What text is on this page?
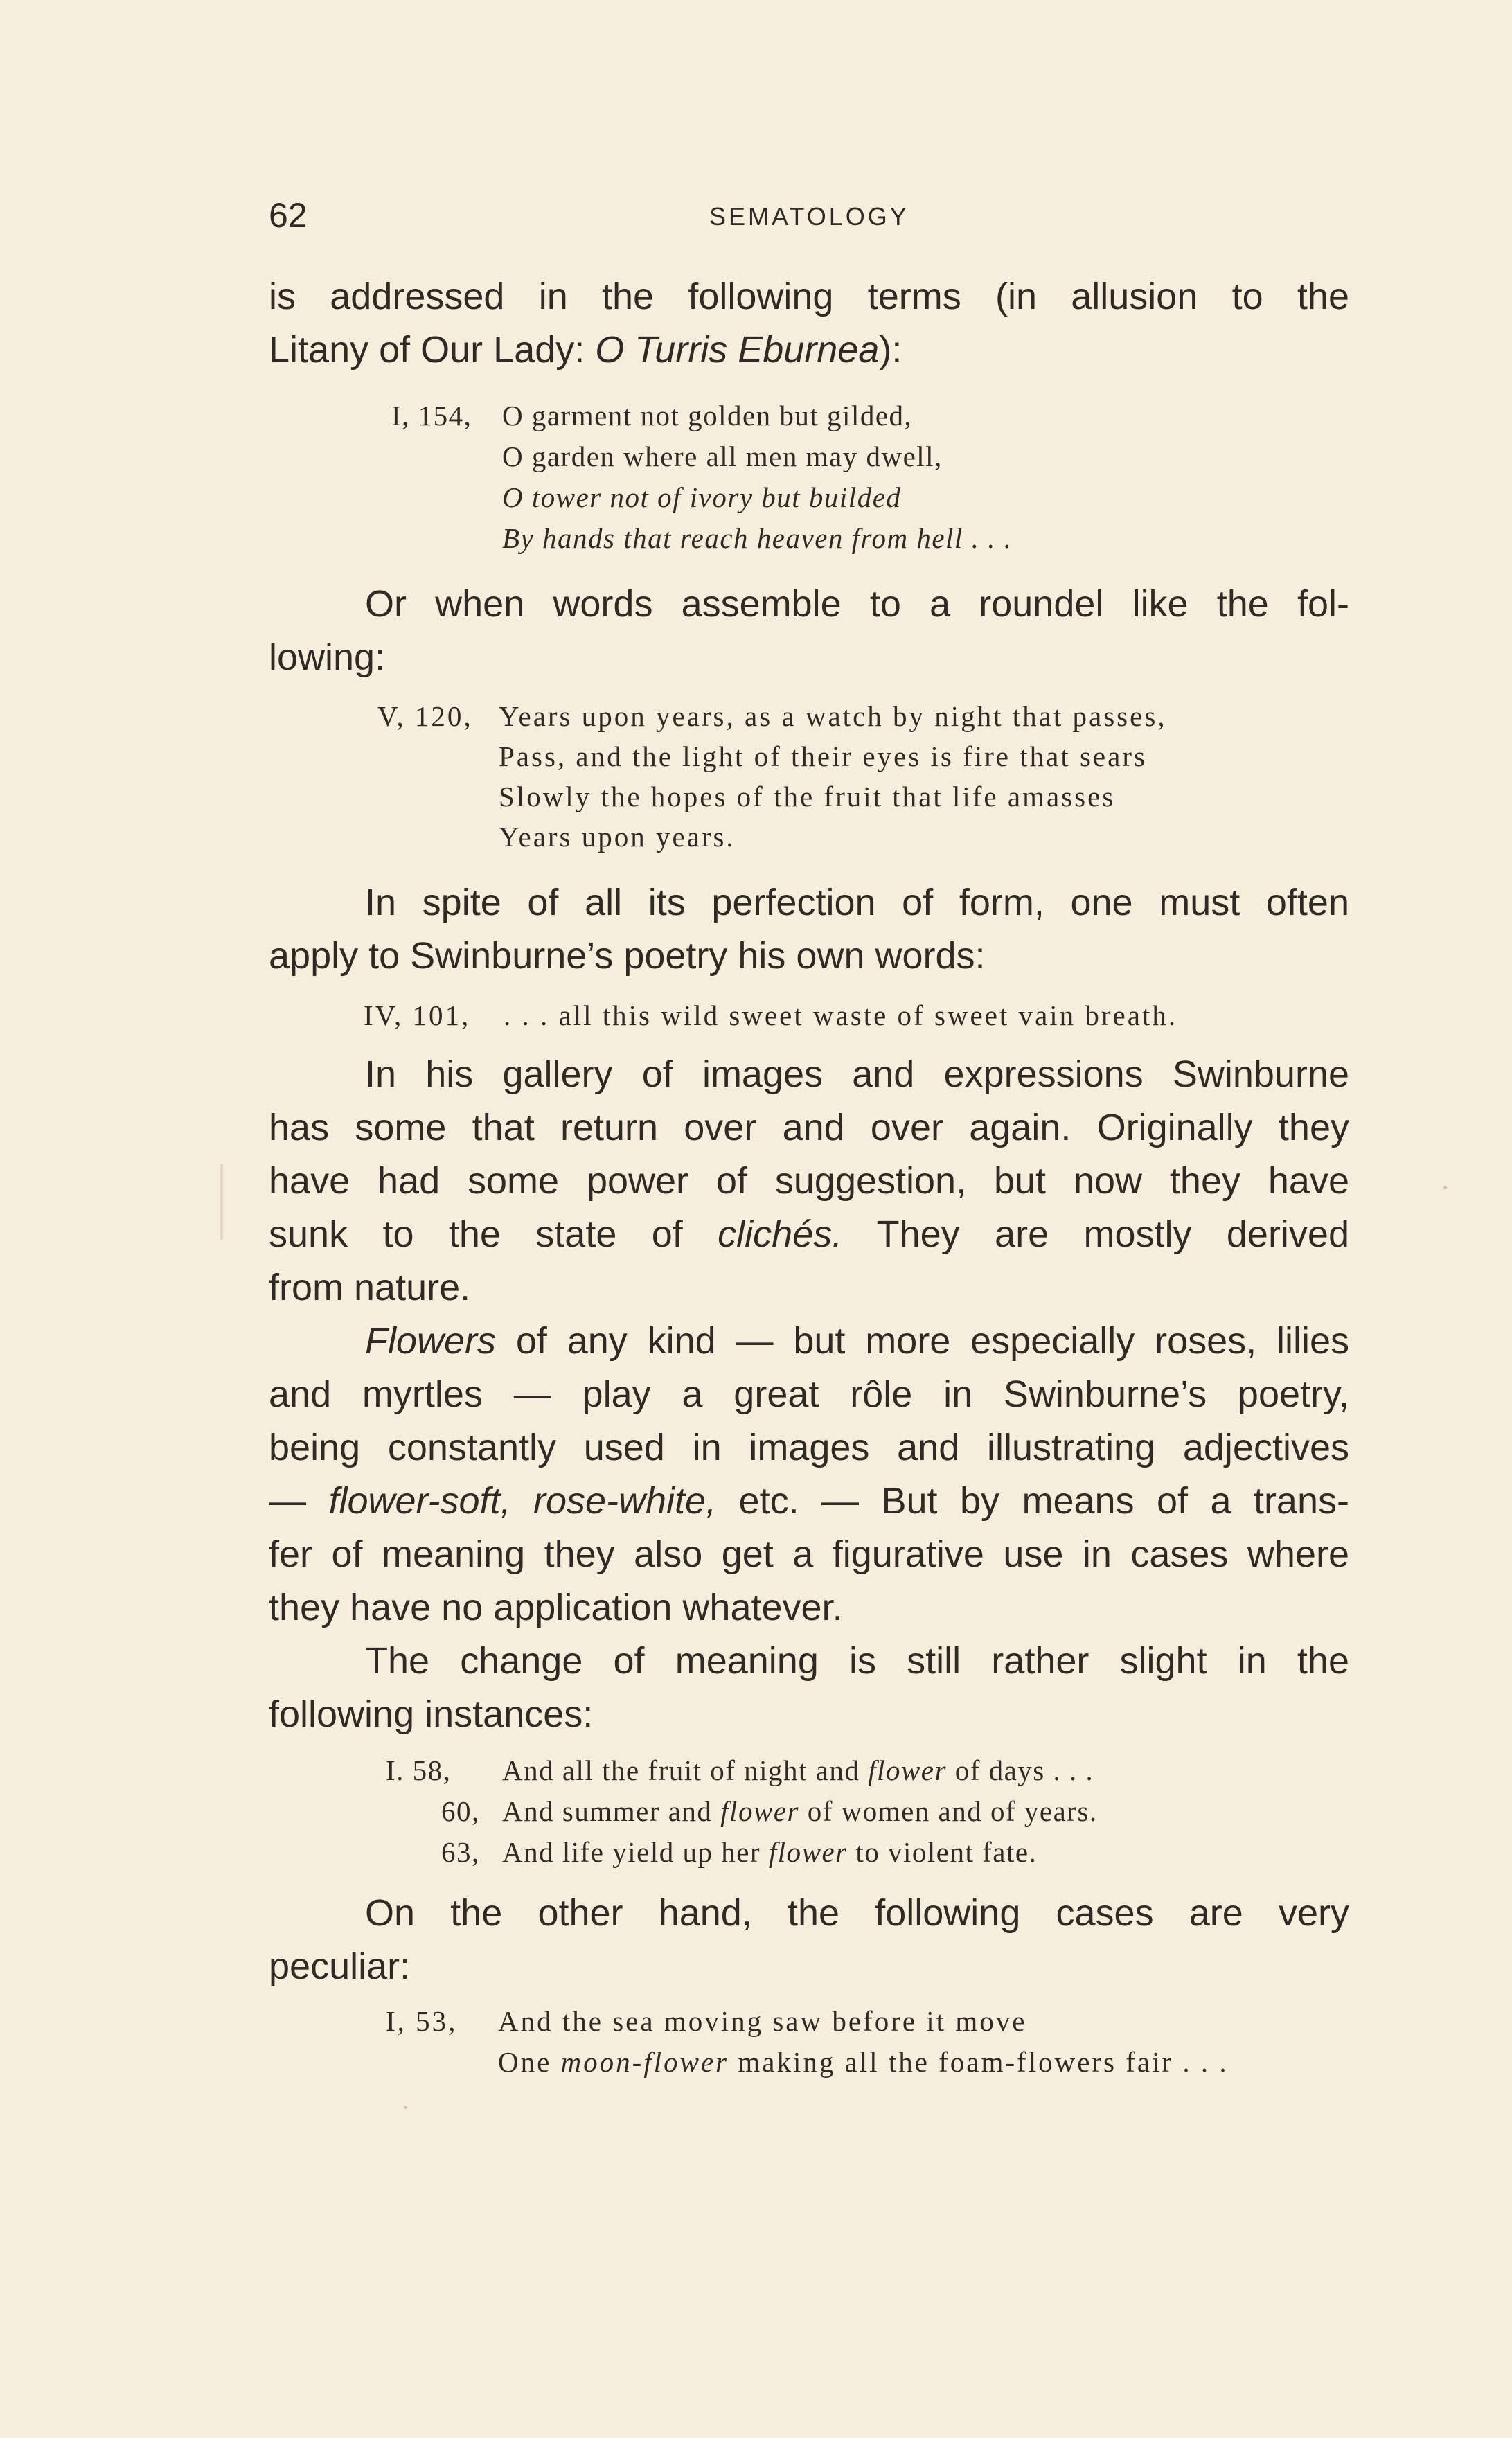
62	SEMATOLOGY
is addressed in the following terms (in allusion to the
Litany of Our Lady: O Turris Eburnea):
I, 154, O garment not golden but gilded,
O garden where all men may dwell,
O tower not of ivory but builded
By hands that reach heaven from hell . . .
Or when words assemble to a roundel like the fol-
lowing:
V, 120, Years upon years, as a watch by night that passes,
Pass, and the light of their eyes is fire that sears
Slowly the hopes of the fruit that life amasses
Years upon years.
In spite of all its perfection of form, one must often
apply to Swinburne’s poetry his own words:
IV, 101, . . . all this wild sweet waste of sweet vain breath.
In his gallery of images and expressions Swinburne
has some that return over and over again. Originally they
have had some power of suggestion, but now they have
sunk to the state of clichés. They are mostly derived
from nature.
Flowers of any kind — but more especially roses, lilies
and myrtles — play a great rôle in Swinburne’s poetry,
being constantly used in images and illustrating adjectives
— flower-soft, rose-white, etc. — But by means of a trans-
fer of meaning they also get a figurative use in cases where
they have no application whatever.
The change of meaning is still rather slight in the
following instances:
I. 58, And all the fruit of night and flower of days . . .
60, And summer and flower of women and of years.
63, And life yield up her flower to violent fate.
On the other hand, the following cases are very
peculiar:
I, 53, And the sea moving saw before it move
One moon-flower making all the foam-flowers fair . . .
